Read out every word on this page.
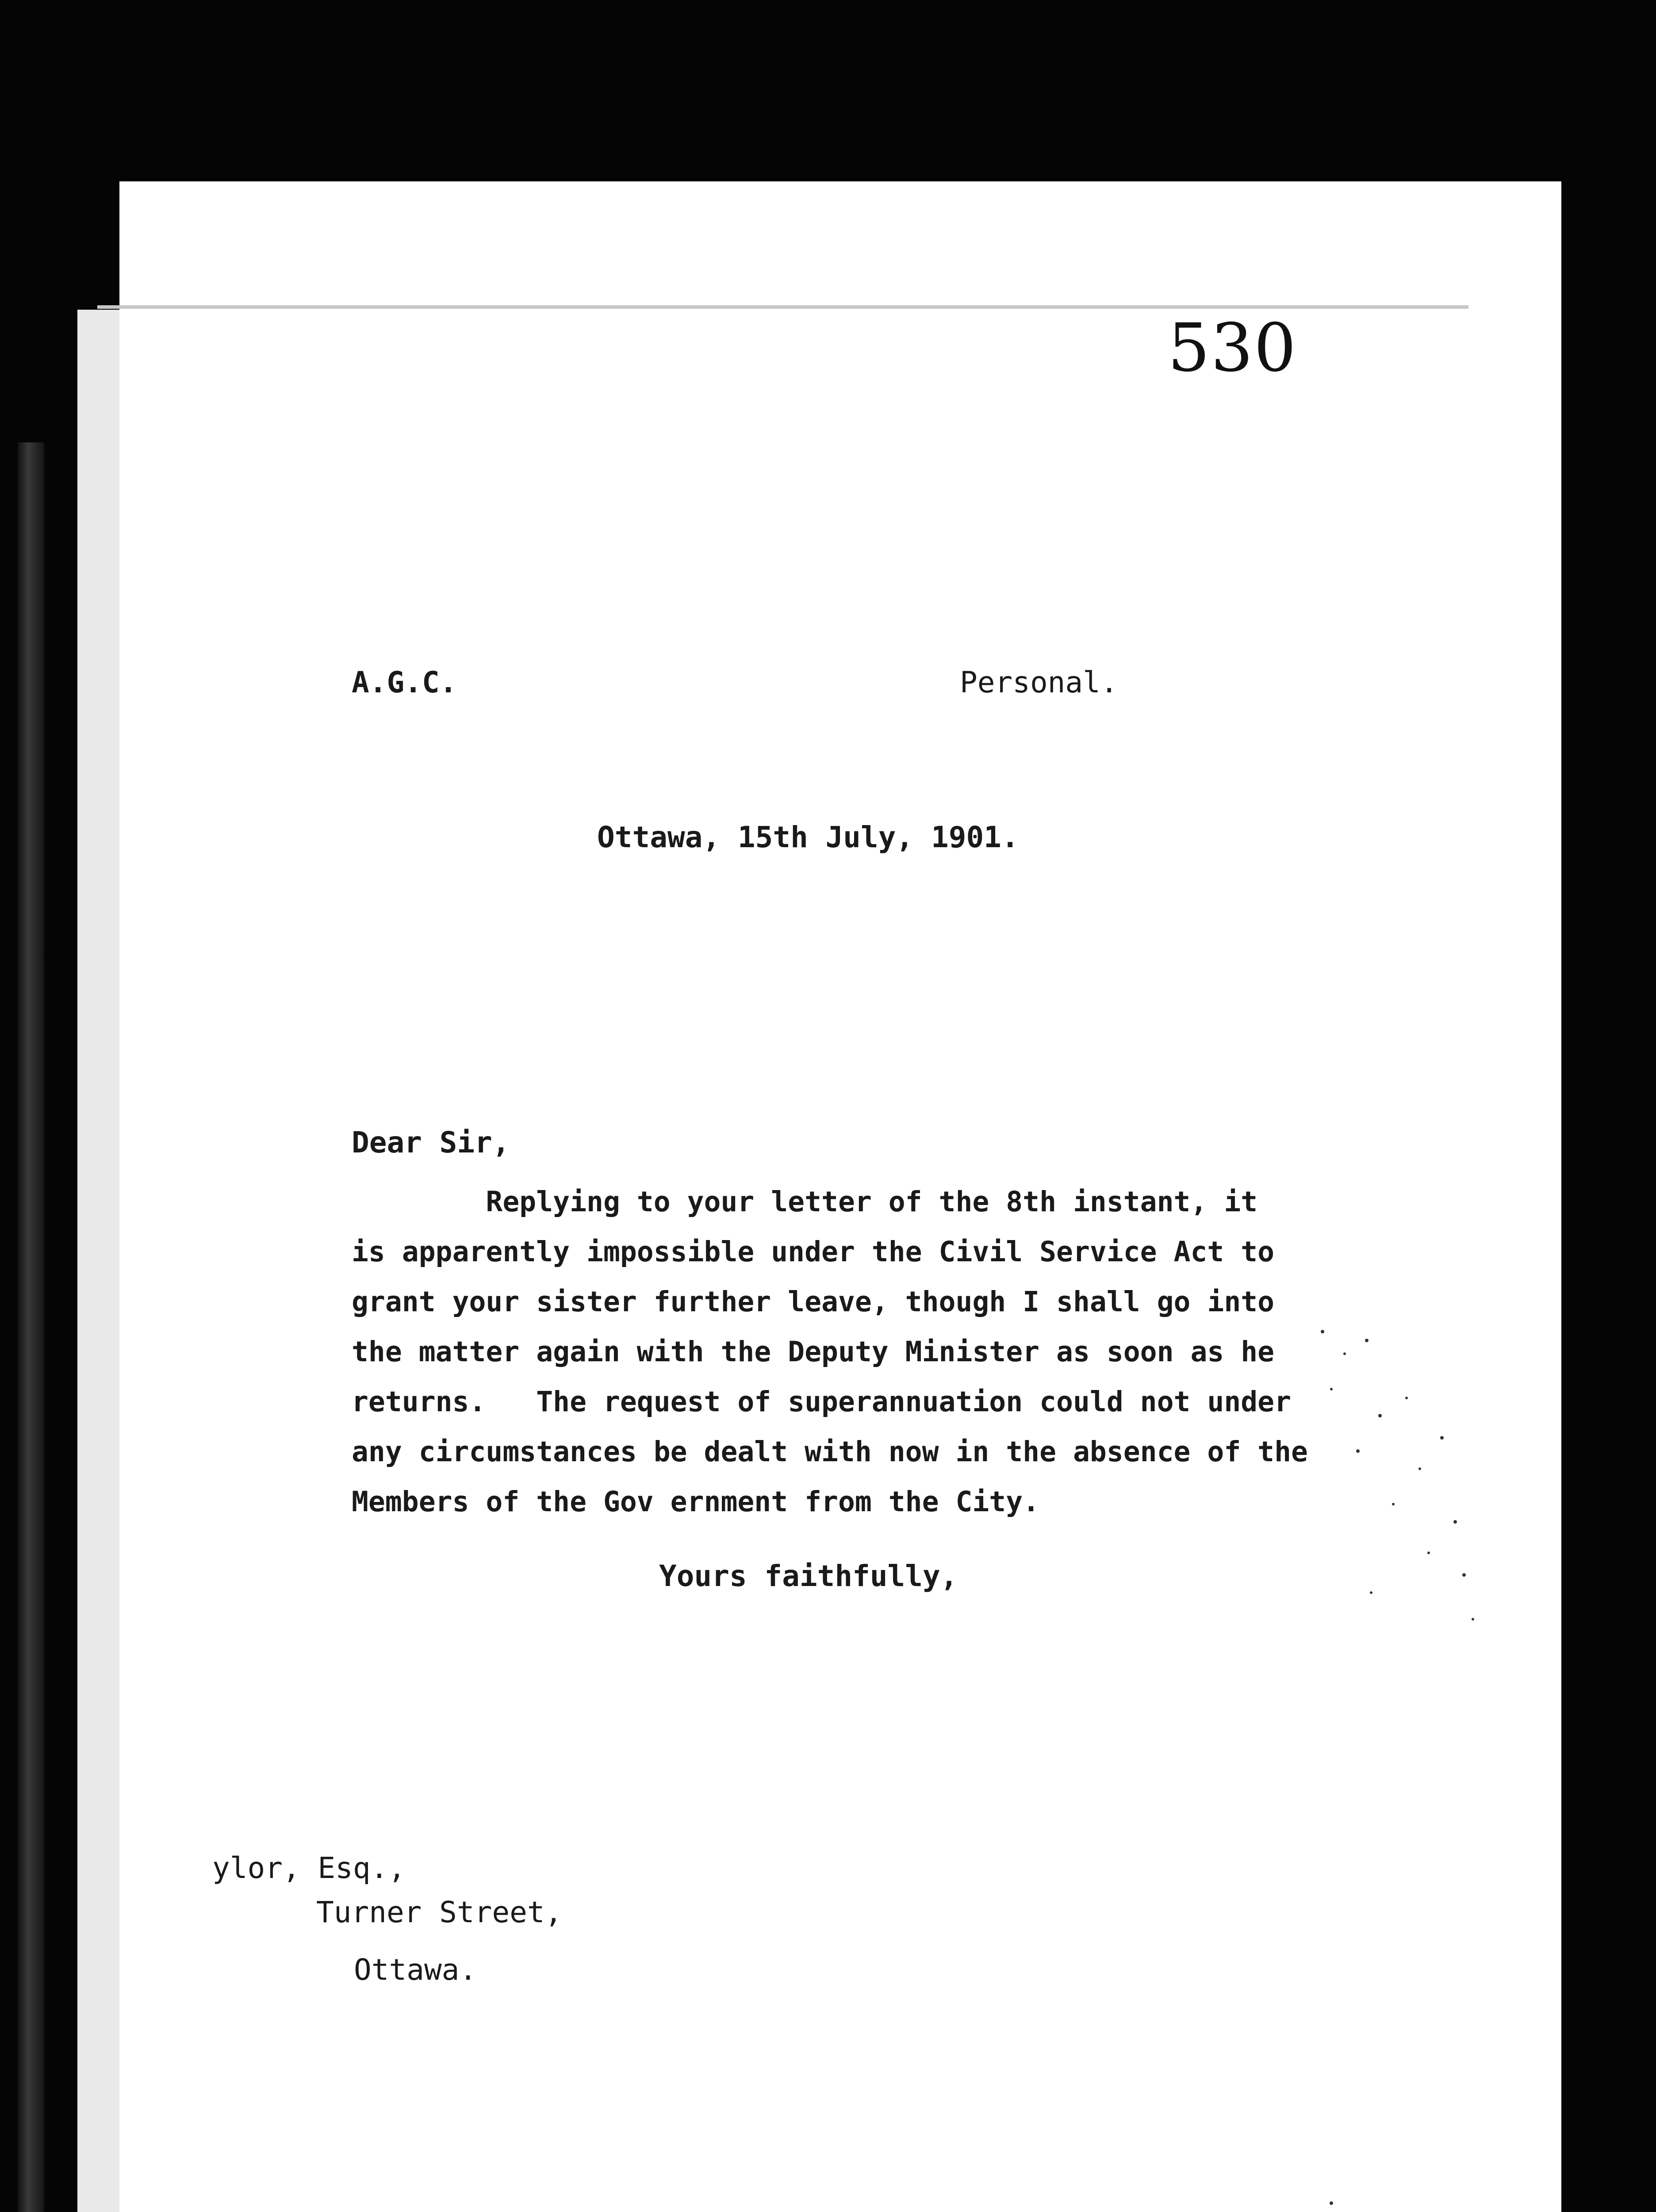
530
A.G.C.	Personal.
Ottawa, 15th July, 1901.
Dear Sir,
Replying to your letter of the 8th instant, it
is apparently impossible under the Civil Service Act to
grant your sister further leave, though I shall go into
the matter again with the Deputy Minister as soon as he
returns.   The request of superannuation could not under
any circumstances be dealt with now in the absence of the
Members of the Gov ernment from the City.
Yours faithfully,
ylor, Esq.,
Turner Street,
Ottawa.
